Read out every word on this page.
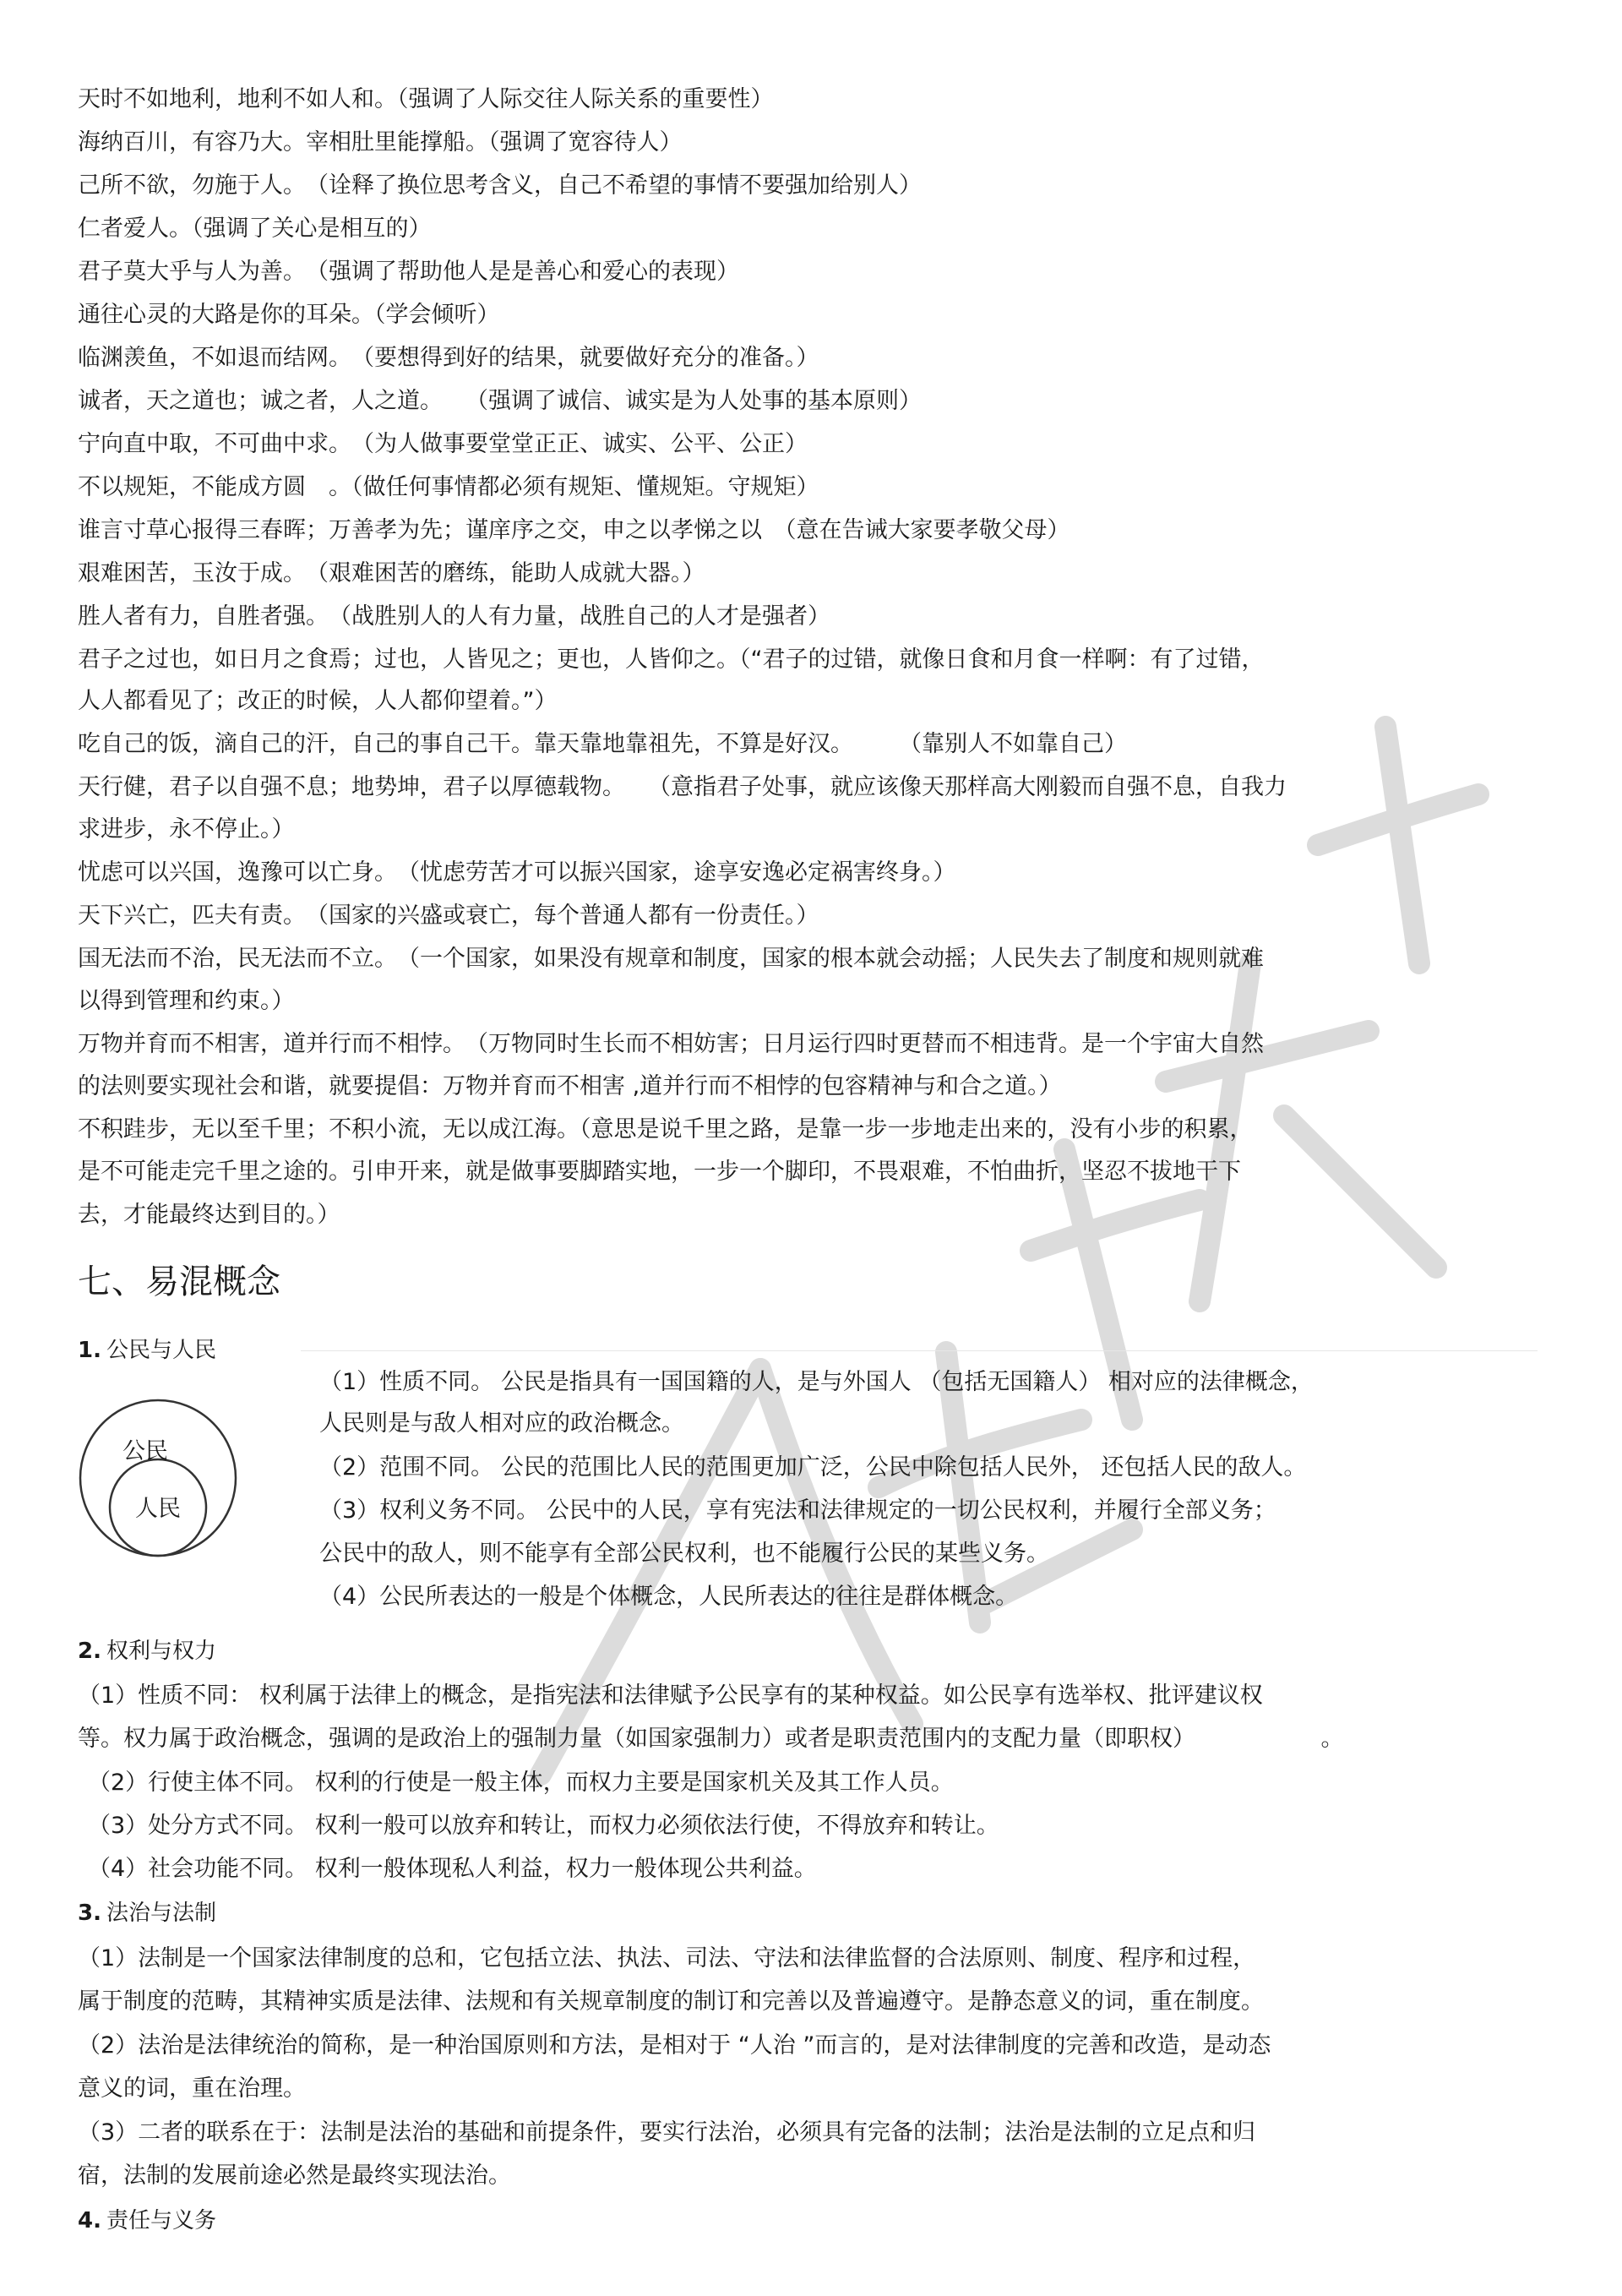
天时不如地利，地利不如人和。（强调了人际交往人际关系的重要性）
海纳百川，有容乃大。宰相肚里能撑船。（强调了宽容待人）
己所不欲，勿施于人。　（诠释了换位思考含义，自己不希望的事情不要强加给别人）
仁者爱人。（强调了关心是相互的）
君子莫大乎与人为善。　（强调了帮助他人是是善心和爱心的表现）
通往心灵的大路是你的耳朵。（学会倾听）
临渊羡鱼，不如退而结网。　（要想得到好的结果，就要做好充分的准备。）
诚者，天之道也；诚之者，人之道。　　（强调了诚信、诚实是为人处事的基本原则）
宁向直中取，不可曲中求。　（为人做事要堂堂正正、诚实、公平、公正）
不以规矩，不能成方圆　。（做任何事情都必须有规矩、懂规矩。守规矩）
谁言寸草心报得三春晖；万善孝为先；谨庠序之交，申之以孝悌之以　（意在告诫大家要孝敬父母）
艰难困苦，玉汝于成。　（艰难困苦的磨练，能助人成就大器。）
胜人者有力，自胜者强。　（战胜别人的人有力量，战胜自己的人才是强者）
君子之过也，如日月之食焉；过也，人皆见之；更也，人皆仰之。（“君子的过错，就像日食和月食一样啊：有了过错，
人人都看见了；改正的时候，人人都仰望着。”）
吃自己的饭，滴自己的汗，自己的事自己干。靠天靠地靠祖先，不算是好汉。　　　（靠别人不如靠自己）
天行健，君子以自强不息；地势坤，君子以厚德载物。　　（意指君子处事，就应该像天那样高大刚毅而自强不息，自我力
求进步，永不停止。）
忧虑可以兴国，逸豫可以亡身。　（忧虑劳苦才可以振兴国家，途享安逸必定祸害终身。）
天下兴亡，匹夫有责。　（国家的兴盛或衰亡，每个普通人都有一份责任。）
国无法而不治，民无法而不立。　（一个国家，如果没有规章和制度，国家的根本就会动摇；人民失去了制度和规则就难
以得到管理和约束。）
万物并育而不相害，道并行而不相悖。　（万物同时生长而不相妨害；日月运行四时更替而不相违背。是一个宇宙大自然
的法则要实现社会和谐，就要提倡：万物并育而不相害 ,道并行而不相悖的包容精神与和合之道。）
不积跬步，无以至千里；不积小流，无以成江海。（意思是说千里之路，是靠一步一步地走出来的，没有小步的积累，
是不可能走完千里之途的。引申开来，就是做事要脚踏实地，一步一个脚印，不畏艰难，不怕曲折，坚忍不拔地干下
去，才能最终达到目的。）
七、易混概念
1. 公民与人民
公民
人民
（1）性质不同。 公民是指具有一国国籍的人，是与外国人 （包括无国籍人） 相对应的法律概念，
人民则是与敌人相对应的政治概念。
（2）范围不同。 公民的范围比人民的范围更加广泛，公民中除包括人民外， 还包括人民的敌人。
（3）权利义务不同。 公民中的人民，享有宪法和法律规定的一切公民权利，并履行全部义务；
公民中的敌人，则不能享有全部公民权利，也不能履行公民的某些义务。
（4）公民所表达的一般是个体概念，人民所表达的往往是群体概念。
2. 权利与权力
（1）性质不同： 权利属于法律上的概念，是指宪法和法律赋予公民享有的某种权益。如公民享有选举权、批评建议权
等。权力属于政治概念，强调的是政治上的强制力量（如国家强制力）或者是职责范围内的支配力量（即职权）　　　　　　。
（2）行使主体不同。 权利的行使是一般主体，而权力主要是国家机关及其工作人员。
（3）处分方式不同。 权利一般可以放弃和转让，而权力必须依法行使，不得放弃和转让。
（4）社会功能不同。 权利一般体现私人利益，权力一般体现公共利益。
3. 法治与法制
（1）法制是一个国家法律制度的总和，它包括立法、执法、司法、守法和法律监督的合法原则、制度、程序和过程，
属于制度的范畴，其精神实质是法律、法规和有关规章制度的制订和完善以及普遍遵守。是静态意义的词，重在制度。
（2）法治是法律统治的简称，是一种治国原则和方法，是相对于 “人治 ”而言的，是对法律制度的完善和改造，是动态
意义的词，重在治理。
（3）二者的联系在于：法制是法治的基础和前提条件，要实行法治，必须具有完备的法制；法治是法制的立足点和归
宿，法制的发展前途必然是最终实现法治。
4. 责任与义务
